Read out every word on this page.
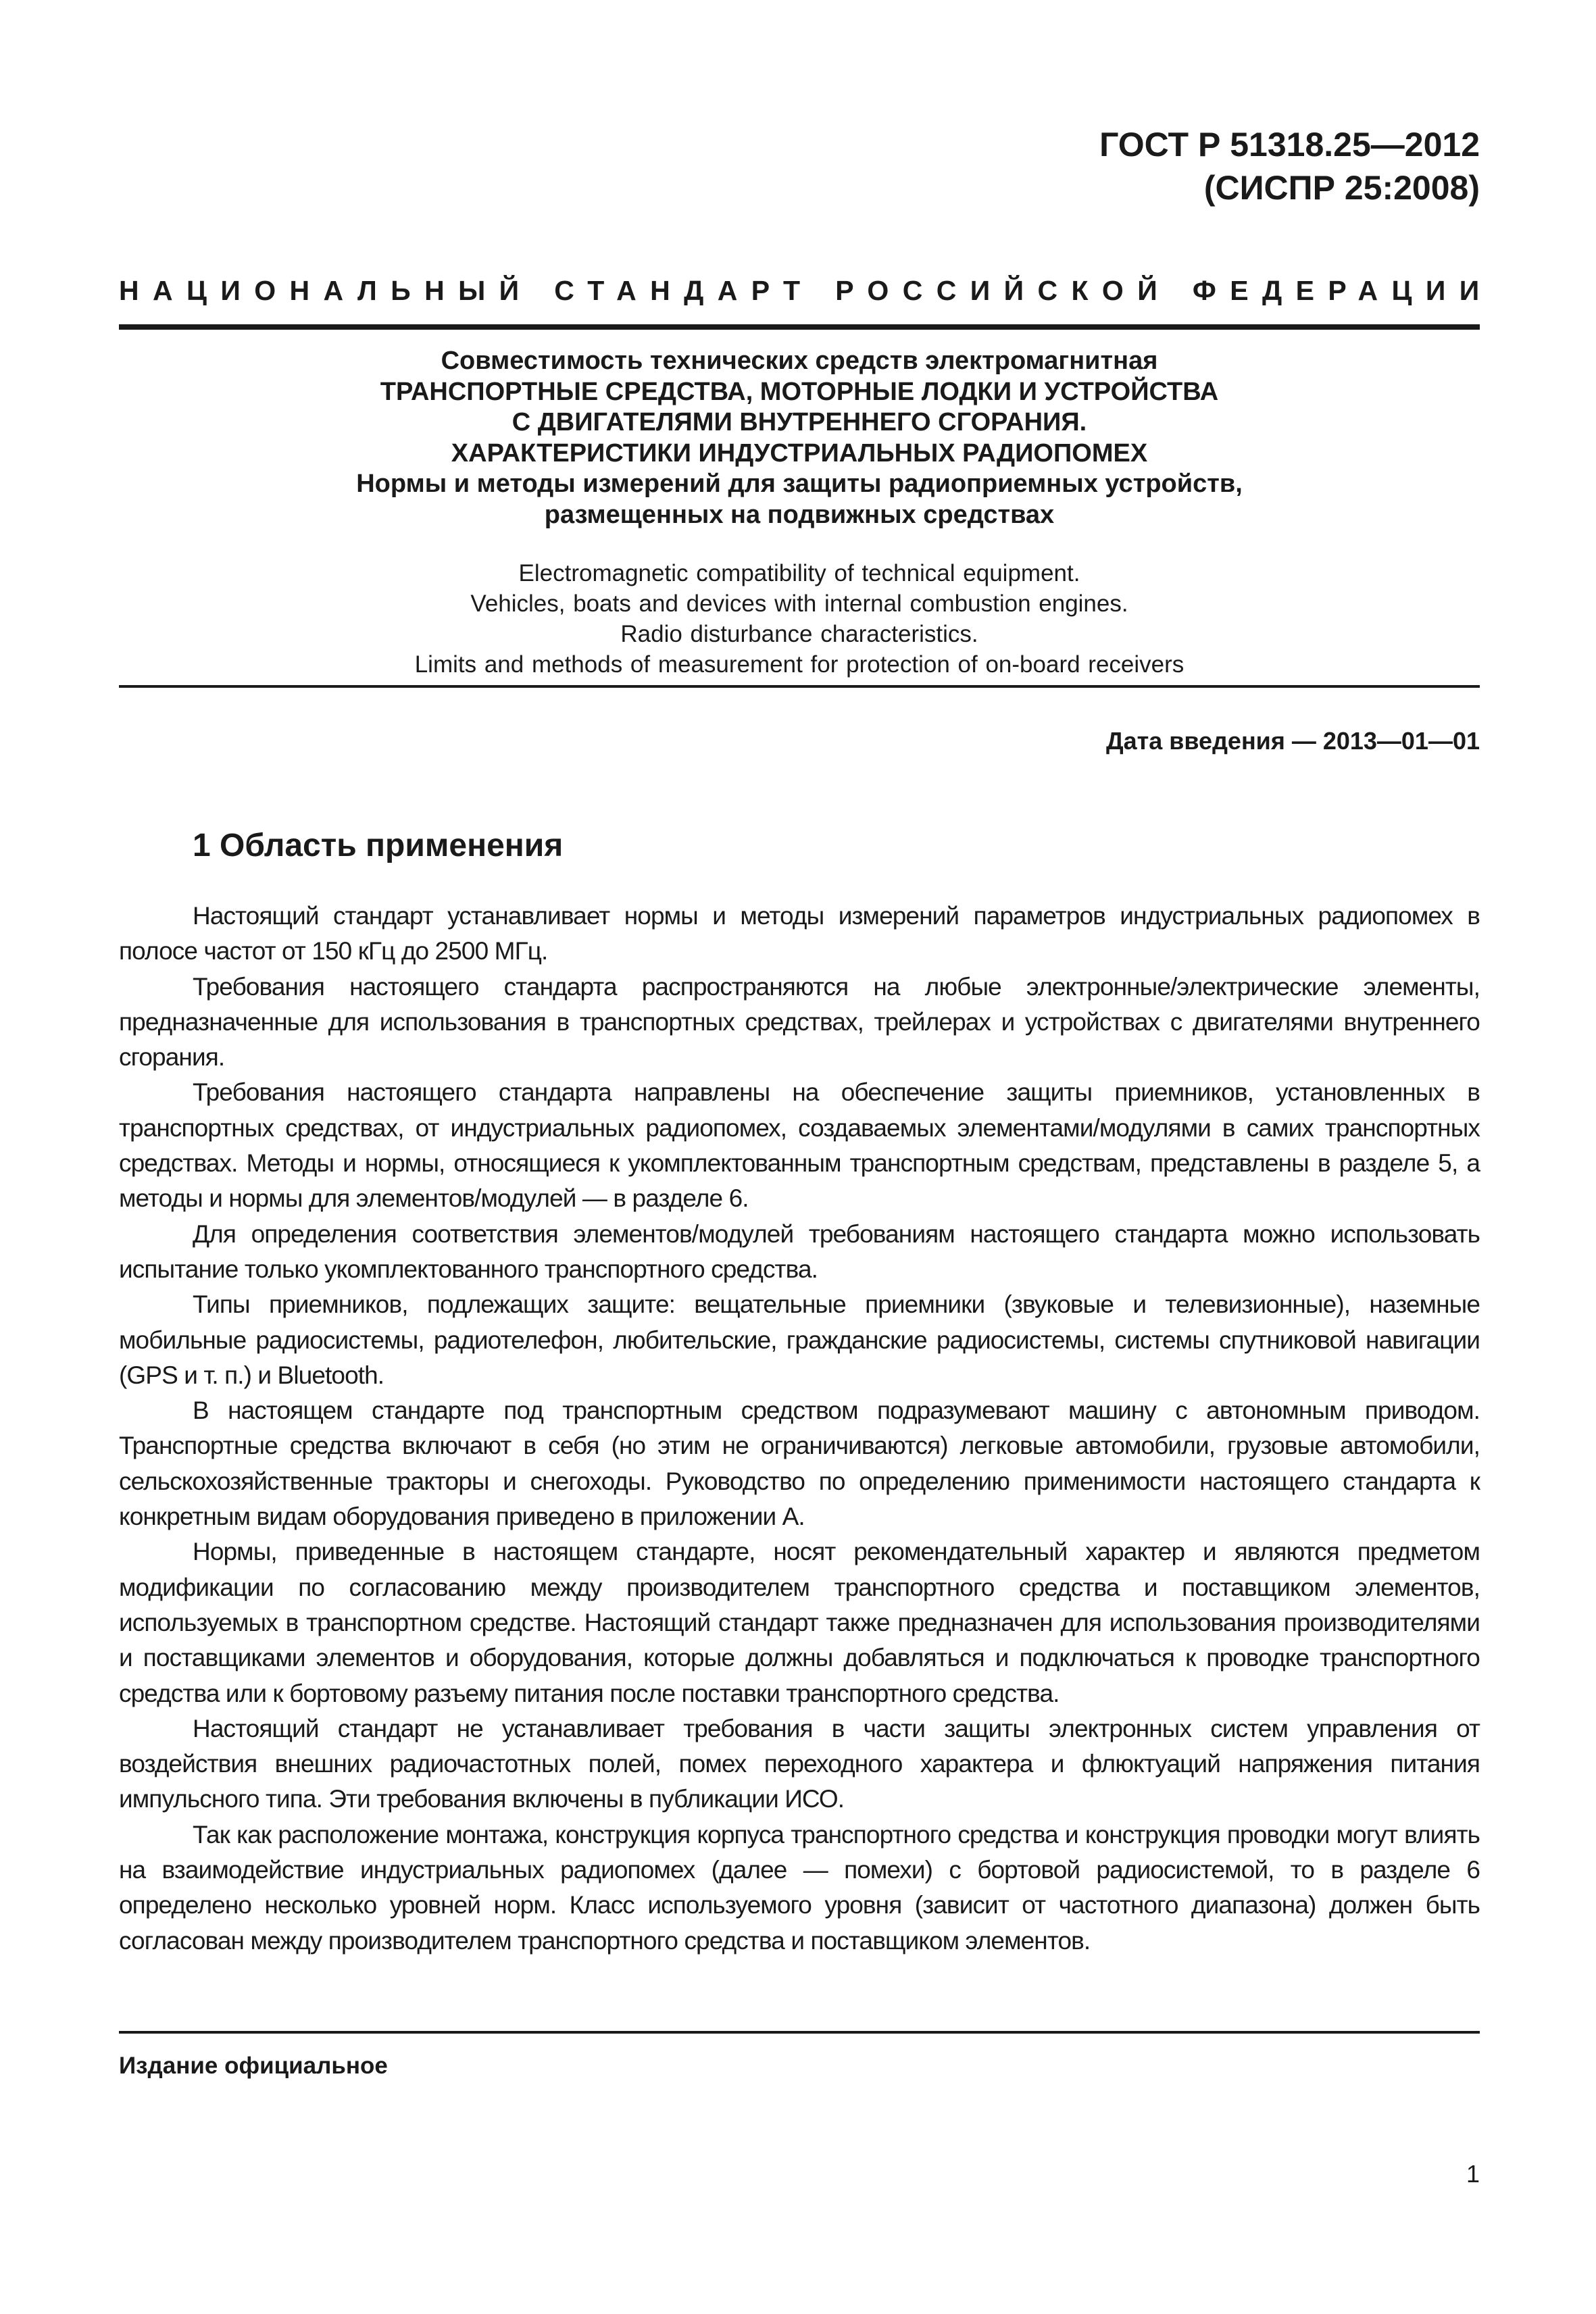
ГОСТ Р 51318.25—2012
(СИСПР 25:2008)
НАЦИОНАЛЬНЫЙ СТАНДАРТ РОССИЙСКОЙ ФЕДЕРАЦИИ
Совместимость технических средств электромагнитная
ТРАНСПОРТНЫЕ СРЕДСТВА, МОТОРНЫЕ ЛОДКИ И УСТРОЙСТВА
С ДВИГАТЕЛЯМИ ВНУТРЕННЕГО СГОРАНИЯ.
ХАРАКТЕРИСТИКИ ИНДУСТРИАЛЬНЫХ РАДИОПОМЕХ
Нормы и методы измерений для защиты радиоприемных устройств,
размещенных на подвижных средствах
Electromagnetic compatibility of technical equipment.
Vehicles, boats and devices with internal combustion engines.
Radio disturbance characteristics.
Limits and methods of measurement for protection of on-board receivers
Дата введения — 2013—01—01
1 Область применения

Настоящий стандарт устанавливает нормы и методы измерений параметров индустриальных радиопомех в полосе частот от 150 кГц до 2500 МГц.

Требования настоящего стандарта распространяются на любые электронные/электрические элементы, предназначенные для использования в транспортных средствах, трейлерах и устройствах с двигателями внутреннего сгорания.

Требования настоящего стандарта направлены на обеспечение защиты приемников, установленных в транспортных средствах, от индустриальных радиопомех, создаваемых элементами/модулями в самих транспортных средствах. Методы и нормы, относящиеся к укомплектованным транспортным средствам, представлены в разделе 5, а методы и нормы для элементов/модулей — в разделе 6.

Для определения соответствия элементов/модулей требованиям настоящего стандарта можно использовать испытание только укомплектованного транспортного средства.

Типы приемников, подлежащих защите: вещательные приемники (звуковые и телевизионные), наземные мобильные радиосистемы, радиотелефон, любительские, гражданские радиосистемы, системы спутниковой навигации (GPS и т. п.) и Bluetooth.

В настоящем стандарте под транспортным средством подразумевают машину с автономным приводом. Транспортные средства включают в себя (но этим не ограничиваются) легковые автомобили, грузовые автомобили, сельскохозяйственные тракторы и снегоходы. Руководство по определению применимости настоящего стандарта к конкретным видам оборудования приведено в приложении А.

Нормы, приведенные в настоящем стандарте, носят рекомендательный характер и являются предметом модификации по согласованию между производителем транспортного средства и поставщиком элементов, используемых в транспортном средстве. Настоящий стандарт также предназначен для использования производителями и поставщиками элементов и оборудования, которые должны добавляться и подключаться к проводке транспортного средства или к бортовому разъему питания после поставки транспортного средства.

Настоящий стандарт не устанавливает требования в части защиты электронных систем управления от воздействия внешних радиочастотных полей, помех переходного характера и флюктуаций напряжения питания импульсного типа. Эти требования включены в публикации ИСО.

Так как расположение монтажа, конструкция корпуса транспортного средства и конструкция проводки могут влиять на взаимодействие индустриальных радиопомех (далее — помехи) с бортовой радиосистемой, то в разделе 6 определено несколько уровней норм. Класс используемого уровня (зависит от частотного диапазона) должен быть согласован между производителем транспортного средства и поставщиком элементов.

Издание официальное
1
